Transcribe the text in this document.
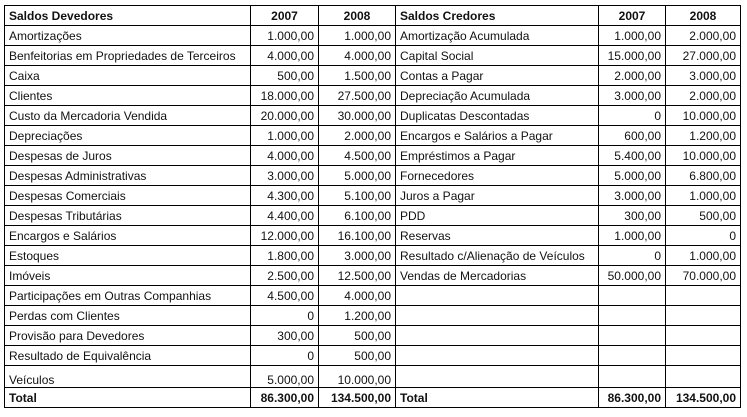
Saldos Devedores	2007	2008	Saldos Credores	2007	2008
Amortizações	1.000,00	1.000,00	Amortização Acumulada	1.000,00	2.000,00
Benfeitorias em Propriedades de Terceiros	4.000,00	4.000,00	Capital Social	15.000,00	27.000,00
Caixa	500,00	1.500,00	Contas a Pagar	2.000,00	3.000,00
Clientes	18.000,00	27.500,00	Depreciação Acumulada	3.000,00	2.000,00
Custo da Mercadoria Vendida	20.000,00	30.000,00	Duplicatas Descontadas	0	10.000,00
Depreciações	1.000,00	2.000,00	Encargos e Salários a Pagar	600,00	1.200,00
Despesas de Juros	4.000,00	4.500,00	Empréstimos a Pagar	5.400,00	10.000,00
Despesas Administrativas	3.000,00	5.000,00	Fornecedores	5.000,00	6.800,00
Despesas Comerciais	4.300,00	5.100,00	Juros a Pagar	3.000,00	1.000,00
Despesas Tributárias	4.400,00	6.100,00	PDD	300,00	500,00
Encargos e Salários	12.000,00	16.100,00	Reservas	1.000,00	0
Estoques	1.800,00	3.000,00	Resultado c/Alienação de Veículos	0	1.000,00
Imóveis	2.500,00	12.500,00	Vendas de Mercadorias	50.000,00	70.000,00
Participações em Outras Companhias	4.500,00	4.000,00			
Perdas com Clientes	0	1.200,00			
Provisão para Devedores	300,00	500,00			
Resultado de Equivalência	0	500,00			
Veículos	5.000,00	10.000,00			
Total	86.300,00	134.500,00	Total	86.300,00	134.500,00
